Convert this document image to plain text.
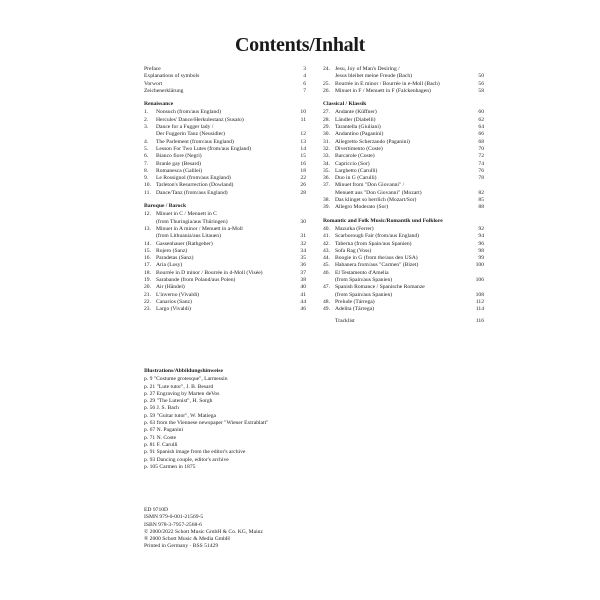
Contents/Inhalt
Preface	3
Explanations of symbols	4
Vorwort	6
Zeichenerklärung	7
Renaissance
1.	Nonsuch (from/aus England)	10
2.	Hercules' Dance/Herkulestanz (Susato)	11
3.	Dance for a Fugger lady /
Der Fuggerin Tanz (Neusidler)	12
4.	The Parlement (from/aus England)	13
5.	Lesson For Two Lutes (from/aus England)	14
6.	Bianco fiore (Negri)	15
7.	Branle gay (Besard)	16
8.	Romanesca (Galilei)	18
9.	Le Rossignol (from/aus England)	22
10. Tarleton's Resurrection (Dowland)	26
11. Dance/Tanz (from/aus England)	28
Baroque / Barock
12. Minuet in C / Menuett in C
(from Thuringia/aus Thüringen)	30
13. Minuet in A minor / Menuett in a-Moll
(from Lithuania/aus Litauen)	31
14. Gassenhauer (Rathgeber)	32
15. Rujero (Sanz)	34
16. Paradetas (Sanz)	35
17. Aria (Losy)	36
18. Bourrée in D minor / Bourrée in d-Moll (Visée)	37
19. Sarabande (from Poland/aus Polen)	38
20. Air (Händel)	40
21. L'inverno (Vivaldi)	41
22. Canarios (Sanz)	44
23. Largo (Vivaldi)	46
24. Jesu, Joy of Man's Desiring /
Jesus bleibet meine Freude (Bach)	50
25. Bourrée in E minor / Bourrée in e-Moll (Bach)	56
26. Minuet in F / Menuett in F (Falckenhagen)	58
Classical / Klassik
27. Andante (Küffner)	60
28. Ländler (Diabelli)	62
29. Tarantella (Giuliani)	64
30. Andantino (Paganini)	66
31. Allegretto Scherzando (Paganini)	68
32. Divertimento (Coste)	70
33. Barcarole (Coste)	72
34. Capriccio (Sor)	74
35. Larghetto (Carulli)	76
36. Duo in G (Carulli)	78
37. Minuet from "Don Giovanni" /
Menuett aus "Don Giovanni" (Mozart)	82
38. Das klinget so herrlich (Mozart/Sor)	85
39. Allegro Moderato (Sor)	88
Romantic and Folk Music/Romantik und Folklore
40. Mazurka (Ferrer)	92
41. Scarborough Fair (from/aus England)	94
42. Taberna (from Spain/aus Spanien)	96
43. Sofa Rag (Voss)	98
44. Boogie in G (from the/aus den USA)	99
45. Habanera from/aus "Carmen" (Bizet)	100
46. El Testamento d'Amelia
(from Spain/aus Spanien)	106
47. Spanish Romance / Spanische Romanze
(from Spain/aus Spanien)	108
48. Prelude (Tárrega)	112
49. Adelita (Tárrega)	114
Tracklist	116
Illustrations/Abbildungshinweise
p. 9 "Costume grotesque", Larmessin
p. 21 "Lute tutor", J. B. Besard
p. 27 Engraving by Marten deVos
p. 29 "The Lutenist", H. Sorgh
p. 56 J. S. Bach
p. 59 "Guitar tutor", W. Matiega
p. 63 from the Viennese newspaper "Wiener Extrablatt"
p. 67 N. Paganini
p. 71 N. Coste
p. 81 F. Carulli
p. 91 Spanish image from the editor's archive
p. 93 Dancing couple, editor's archive
p. 105 Carmen in 1875
ED 9710D
ISMN 979-0-001-21569-5
ISBN 978-3-7957-2568-6
© 2000/2022 Schott Music GmbH & Co. KG, Mainz
® 2000 Schott Music & Media GmbH
Printed in Germany · BSS 51429
